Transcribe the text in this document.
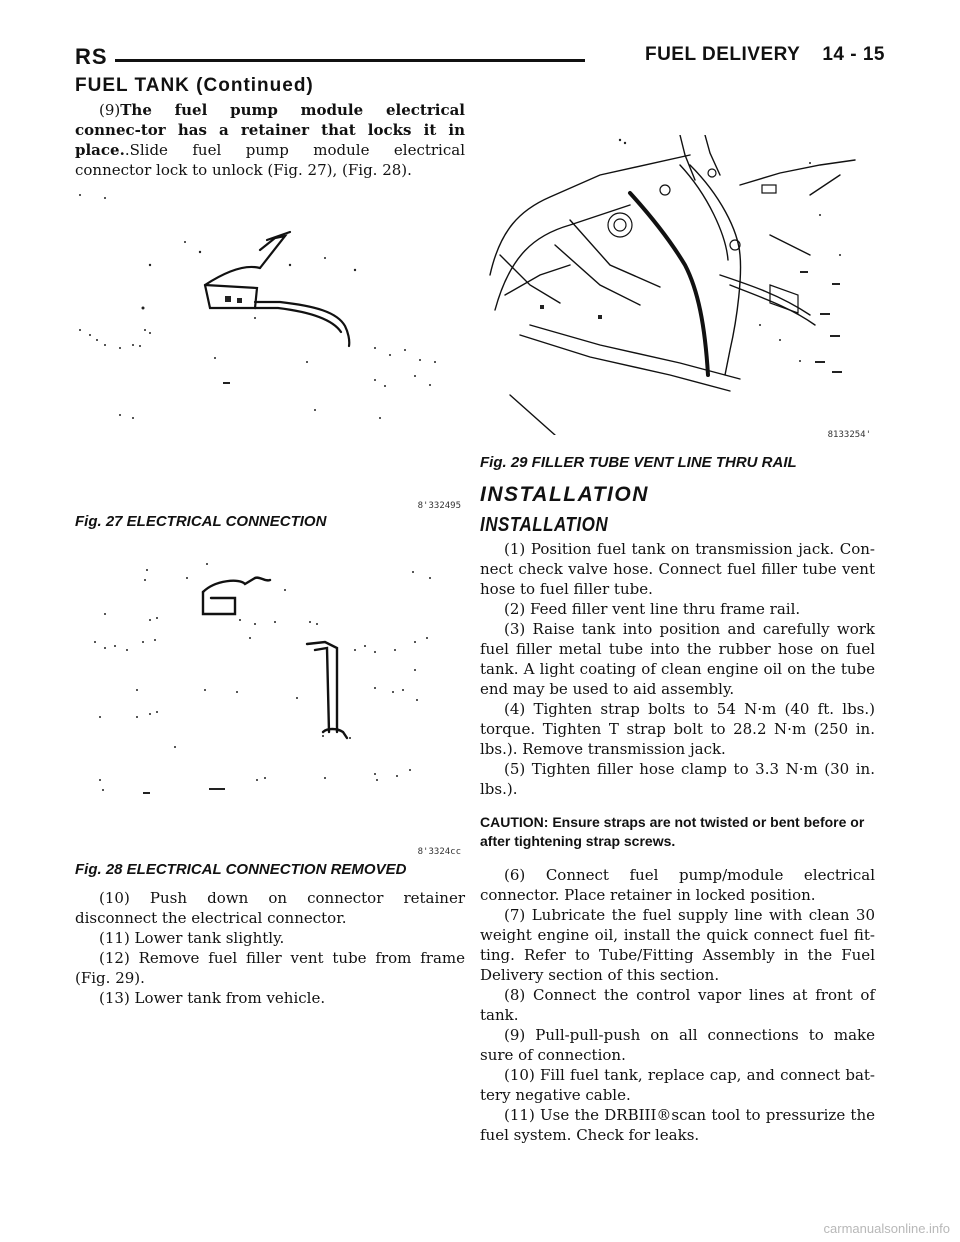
RS	FUEL DELIVERY 14 - 15
FUEL TANK (Continued)

(9)The fuel pump module electrical connec-tor has a retainer that locks it in place..Slide fuel pump module electrical connector lock to unlock (Fig. 27), (Fig. 28).

8'332495
Fig. 27 ELECTRICAL CONNECTION
8'3324cc
Fig. 28 ELECTRICAL CONNECTION REMOVED

(10) Push down on connector retainer disconnect the electrical connector.

(11) Lower tank slightly.

(12) Remove fuel filler vent tube from frame (Fig. 29).

(13) Lower tank from vehicle.

8133254'
Fig. 29 FILLER TUBE VENT LINE THRU RAIL
INSTALLATION
INSTALLATION

(1) Position fuel tank on transmission jack. Con-nect check valve hose. Connect fuel filler tube vent hose to fuel filler tube.

(2) Feed filler vent line thru frame rail.

(3) Raise tank into position and carefully work fuel filler metal tube into the rubber hose on fuel tank. A light coating of clean engine oil on the tube end may be used to aid assembly.

(4) Tighten strap bolts to 54 N·m (40 ft. lbs.) torque. Tighten T strap bolt to 28.2 N·m (250 in. lbs.). Remove transmission jack.

(5) Tighten filler hose clamp to 3.3 N·m (30 in. lbs.).

CAUTION: Ensure straps are not twisted or bent before or after tightening strap screws.

(6) Connect fuel pump/module electrical connector. Place retainer in locked position.

(7) Lubricate the fuel supply line with clean 30 weight engine oil, install the quick connect fuel fit-ting. Refer to Tube/Fitting Assembly in the Fuel Delivery section of this section.

(8) Connect the control vapor lines at front of tank.

(9) Pull-pull-push on all connections to make sure of connection.

(10) Fill fuel tank, replace cap, and connect bat-tery negative cable.

(11) Use the DRBIII®scan tool to pressurize the fuel system. Check for leaks.

carmanualsonline.info
